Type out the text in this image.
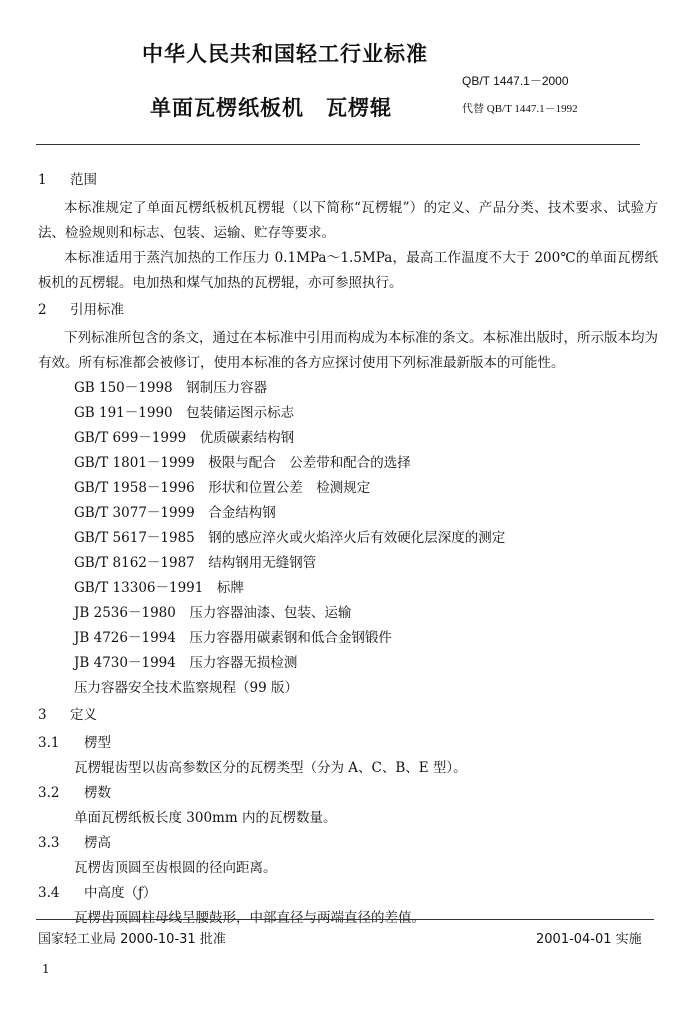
中华人民共和国轻工行业标准
QB/T 1447.1－2000
单面瓦楞纸板机　瓦楞辊	代替 QB/T 1447.1－1992
1 范围

本标准规定了单面瓦楞纸板机瓦楞辊（以下简称“瓦楞辊”）的定义、产品分类、技术要求、试验方法、检验规则和标志、包装、运输、贮存等要求。

本标准适用于蒸汽加热的工作压力 0.1MPa～1.5MPa，最高工作温度不大于 200℃的单面瓦楞纸板机的瓦楞辊。电加热和煤气加热的瓦楞辊，亦可参照执行。

2 引用标准

下列标准所包含的条文，通过在本标准中引用而构成为本标准的条文。本标准出版时，所示版本均为有效。所有标准都会被修订，使用本标准的各方应探讨使用下列标准最新版本的可能性。

GB 150－1998　钢制压力容器

GB 191－1990　包装储运图示标志

GB/T 699－1999　优质碳素结构钢

GB/T 1801－1999　极限与配合　公差带和配合的选择

GB/T 1958－1996　形状和位置公差　检测规定

GB/T 3077－1999　合金结构钢

GB/T 5617－1985　钢的感应淬火或火焰淬火后有效硬化层深度的测定

GB/T 8162－1987　结构钢用无缝钢管

GB/T 13306－1991　标牌

JB 2536－1980　压力容器油漆、包装、运输

JB 4726－1994　压力容器用碳素钢和低合金钢锻件

JB 4730－1994　压力容器无损检测

压力容器安全技术监察规程（99 版）

3 定义
3.1 楞型

瓦楞辊齿型以齿高参数区分的瓦楞类型（分为 A、C、B、E 型）。

3.2 楞数

单面瓦楞纸板长度 300mm 内的瓦楞数量。

3.3 楞高

瓦楞齿顶圆至齿根圆的径向距离。

3.4 中高度（ƒ）

瓦楞齿顶圆柱母线呈腰鼓形，中部直径与两端直径的差值。

国家轻工业局 2000-10-31 批准	2001-04-01 实施
1
